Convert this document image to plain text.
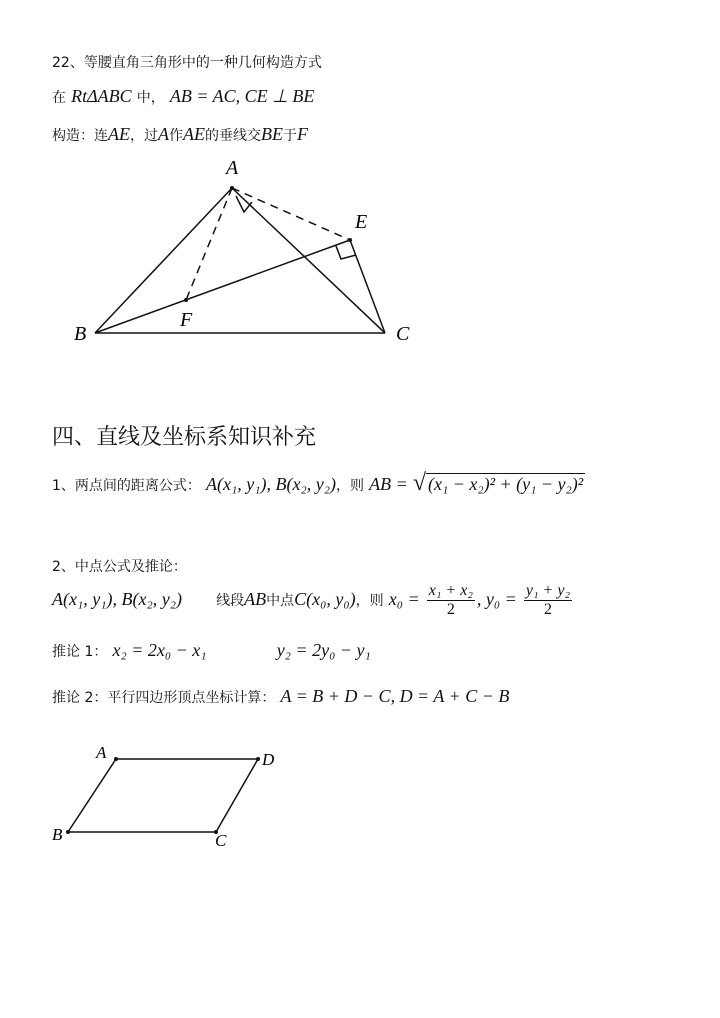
22、等腰直角三角形中的一种几何构造方式
在 RtΔABC 中， AB = AC, CE ⊥ BE
构造：连AE，过A作AE的垂线交BE于F
A
E
B
F
C
四、直线及坐标系知识补充
1、两点间的距离公式： A(x₁, y₁), B(x₂, y₂)，则 AB = √ (x₁ − x₂)² + (y₁ − y₂)²
2、中点公式及推论：
A(x₁, y₁), B(x₂, y₂) 线段AB中点C(x₀, y₀)，则 $x_0 = \frac{\text{x₁ + x₂}}{2}$ , $y_0 = \frac{\text{y₁ + y₂}}{2}$
推论 1： x₂ = 2x₀ − x₁	y₂ = 2y₀ − y₁
推论 2：平行四边形顶点坐标计算： A = B + D − C, D = A + C − B
A	D
B	C
